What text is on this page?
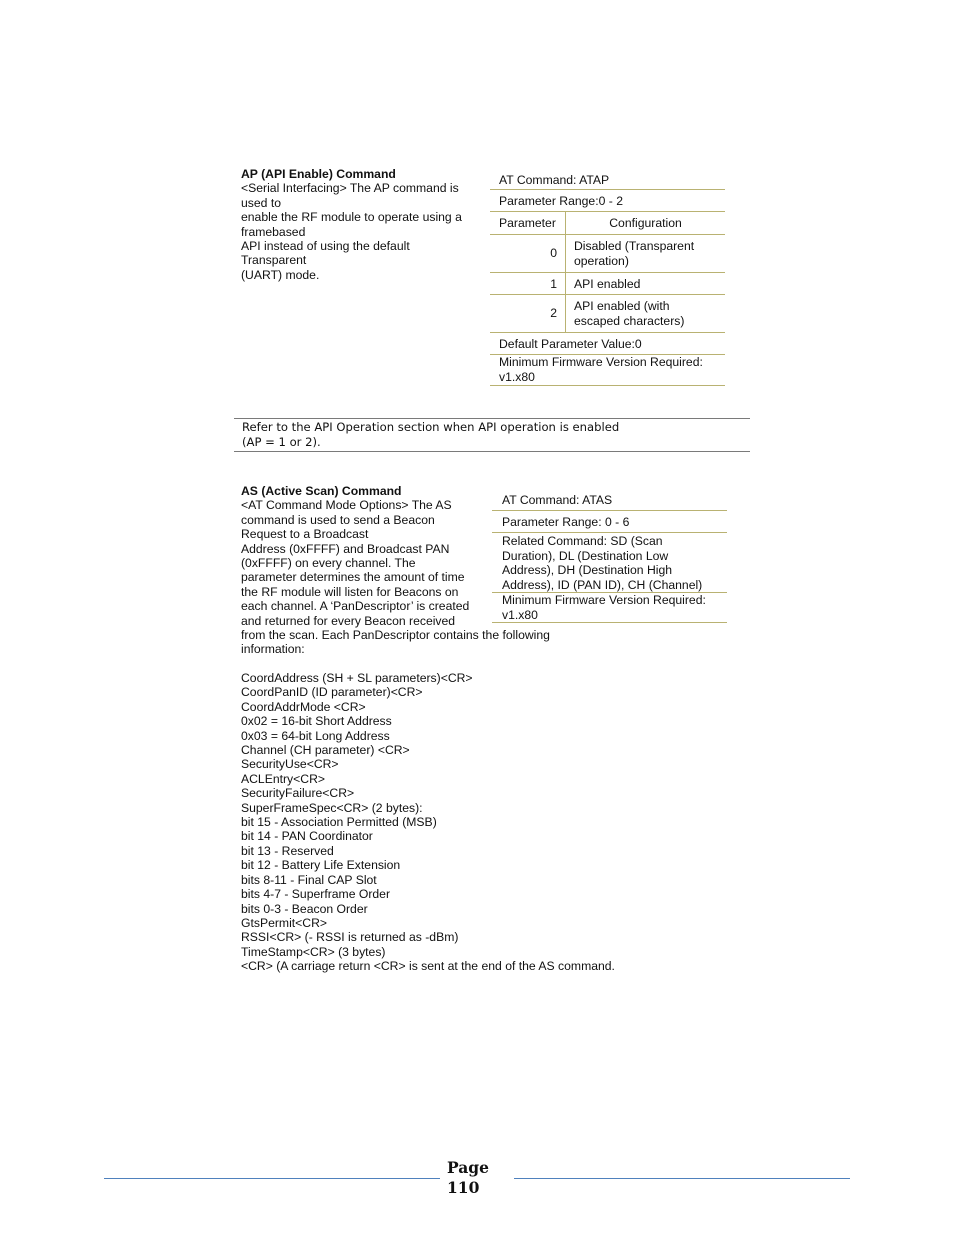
AP (API Enable) Command
<Serial Interfacing> The AP command is
used to
enable the RF module to operate using a
framebased
API instead of using the default
Transparent
(UART) mode.
AT Command: ATAP
Parameter Range:0 - 2
Parameter	Configuration
0 Disabled (Transparent
operation)
1 API enabled
2 API enabled (with
escaped characters)
Default Parameter Value:0
Minimum Firmware Version Required:
v1.x80
Refer to the API Operation section when API operation is enabled
(AP = 1 or 2).
AS (Active Scan) Command
<AT Command Mode Options> The AS
command is used to send a Beacon
Request to a Broadcast
Address (0xFFFF) and Broadcast PAN
(0xFFFF) on every channel. The
parameter determines the amount of time
the RF module will listen for Beacons on
each channel. A ‘PanDescriptor’ is created
and returned for every Beacon received
from the scan. Each PanDescriptor contains the following
information:
AT Command: ATAS
Parameter Range: 0 - 6
Related Command: SD (Scan
Duration), DL (Destination Low
Address), DH (Destination High
Address), ID (PAN ID), CH (Channel)
Minimum Firmware Version Required:
v1.x80
CoordAddress (SH + SL parameters)<CR>
CoordPanID (ID parameter)<CR>
CoordAddrMode <CR>
0x02 = 16-bit Short Address
0x03 = 64-bit Long Address
Channel (CH parameter) <CR>
SecurityUse<CR>
ACLEntry<CR>
SecurityFailure<CR>
SuperFrameSpec<CR> (2 bytes):
bit 15 - Association Permitted (MSB)
bit 14 - PAN Coordinator
bit 13 - Reserved
bit 12 - Battery Life Extension
bits 8-11 - Final CAP Slot
bits 4-7 - Superframe Order
bits 0-3 - Beacon Order
GtsPermit<CR>
RSSI<CR> (- RSSI is returned as -dBm)
TimeStamp<CR> (3 bytes)
<CR> (A carriage return <CR> is sent at the end of the AS command.
Page
110
